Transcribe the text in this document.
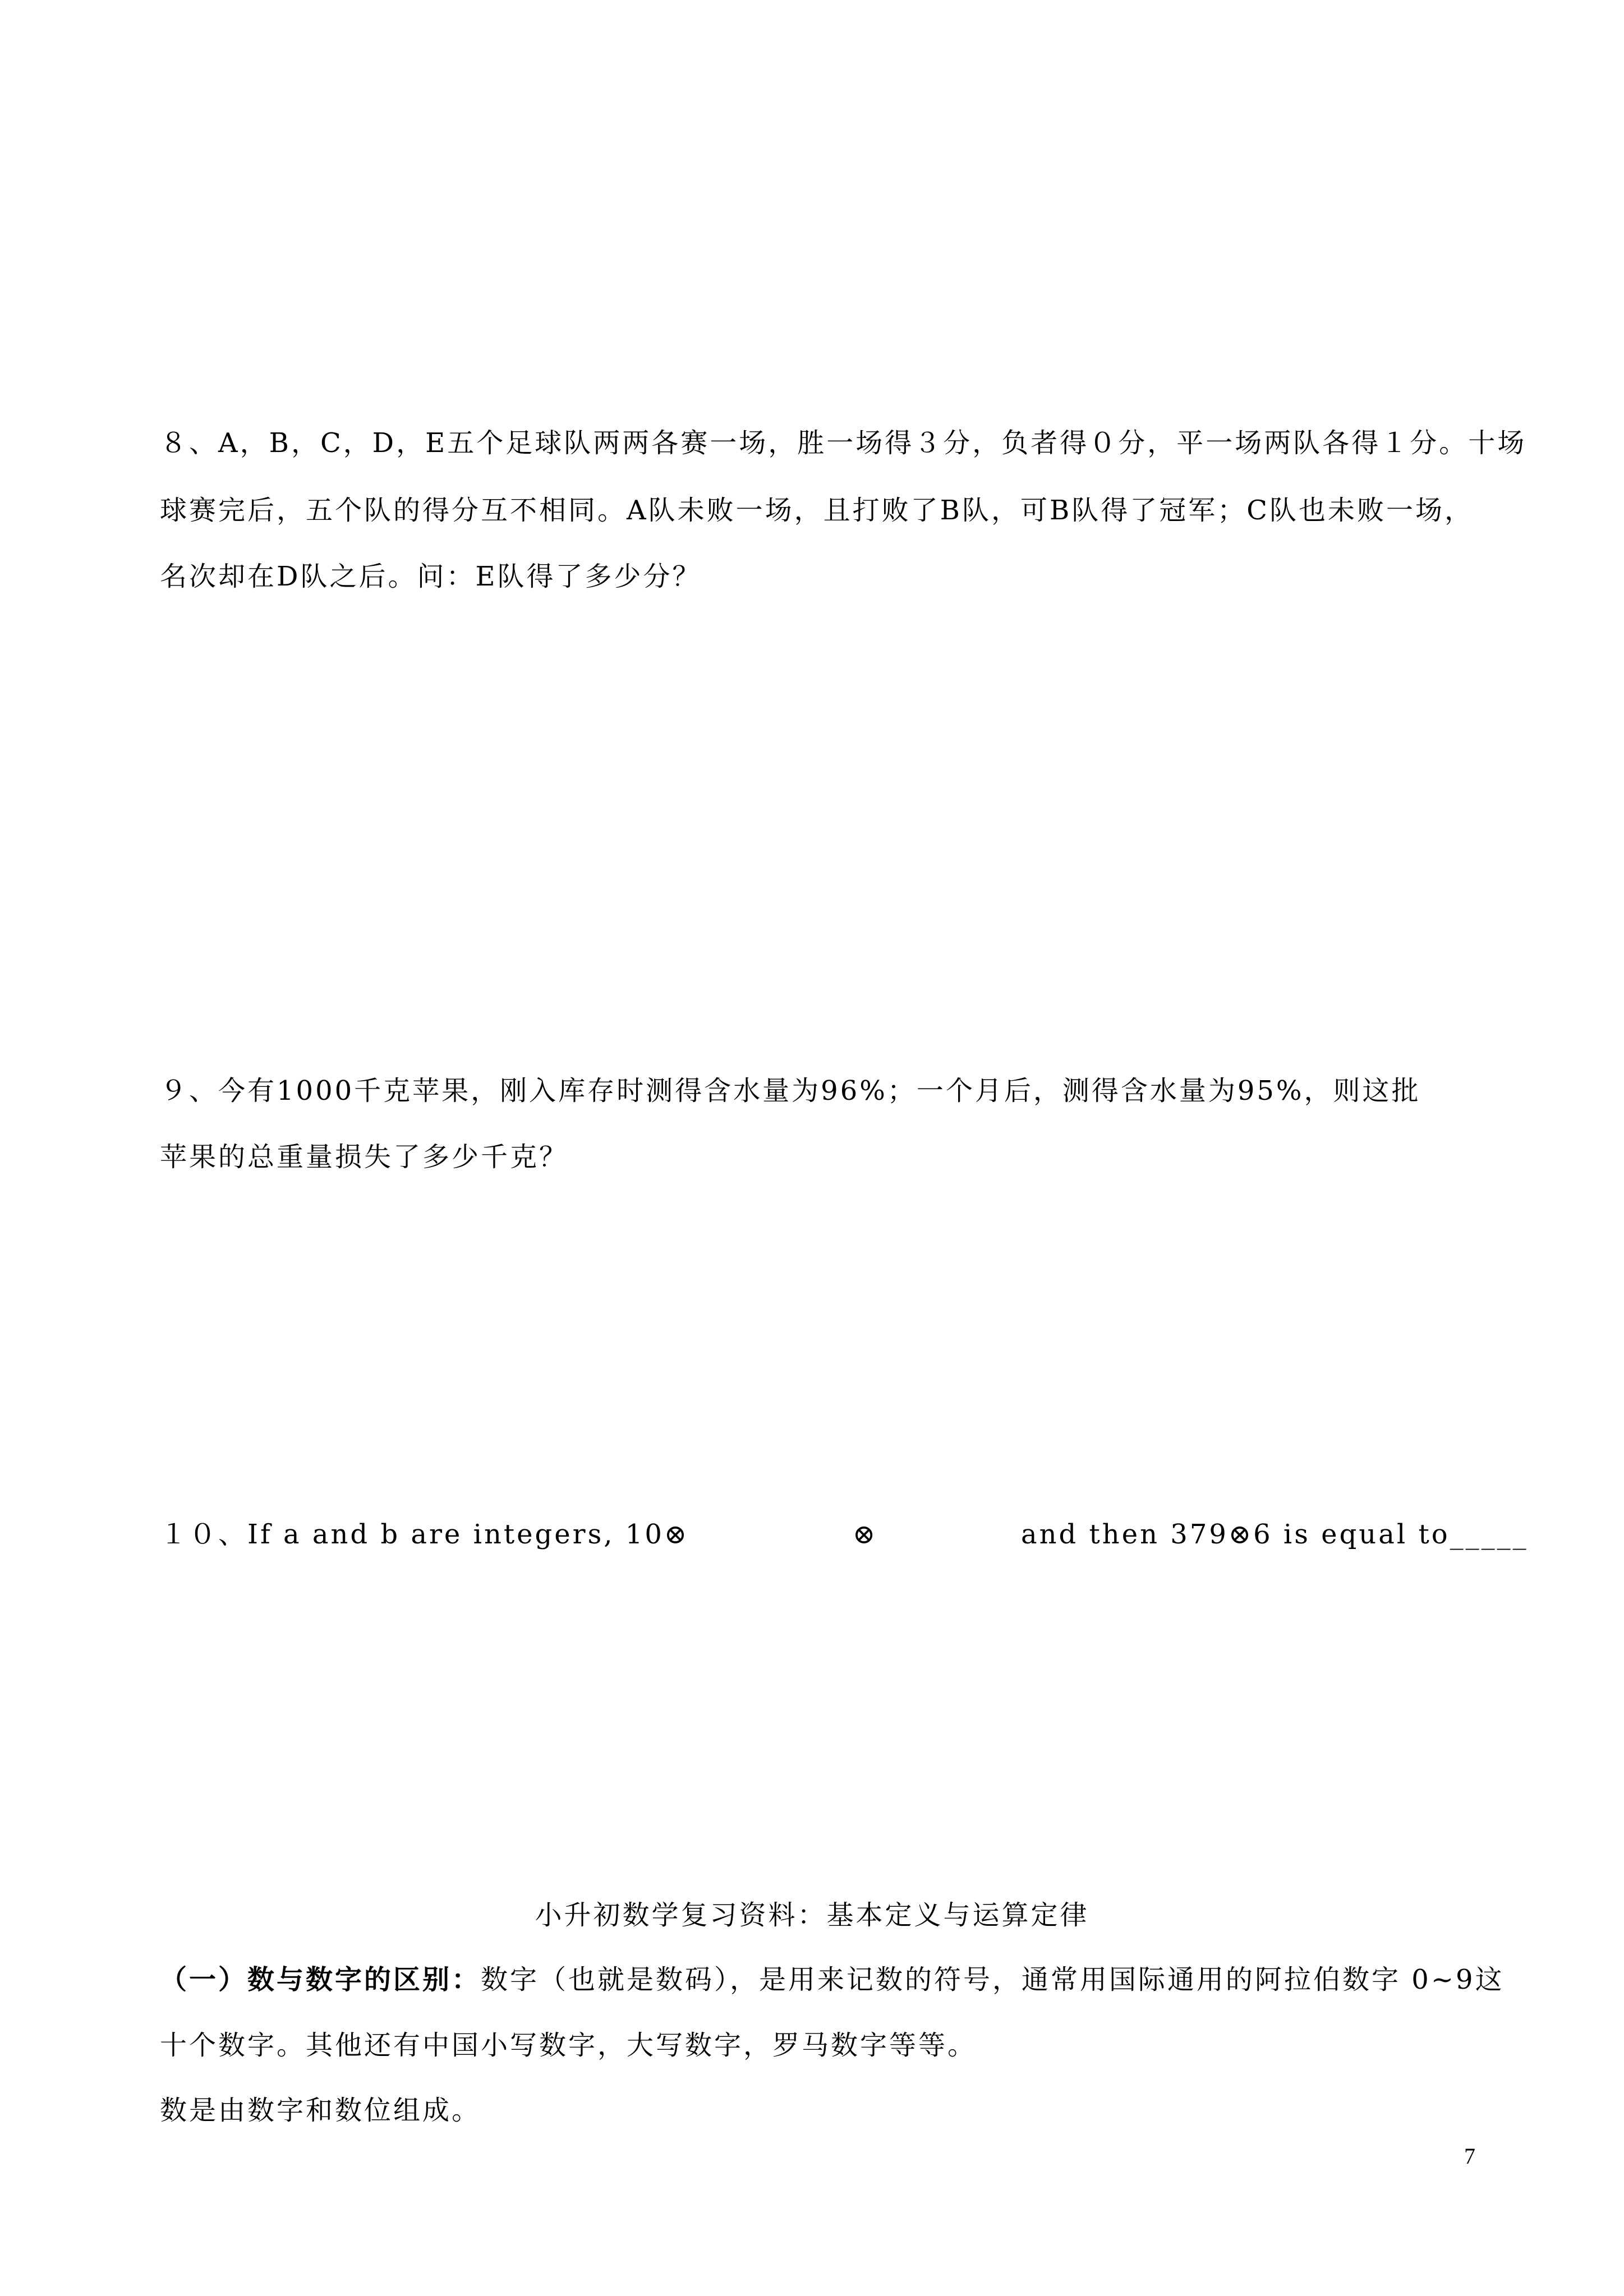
８、A，B，C，D，E五个足球队两两各赛一场，胜一场得３分，负者得０分，平一场两队各得１分。十场
球赛完后，五个队的得分互不相同。A队未败一场，且打败了B队，可B队得了冠军；C队也未败一场，
名次却在D队之后。问：E队得了多少分？
９、今有1000千克苹果，刚入库存时测得含水量为96%；一个月后，测得含水量为95%，则这批
苹果的总重量损失了多少千克？
１０、If a and b are integers, 10⊗	⊗	and then 379⊗6 is equal to_____
小升初数学复习资料：基本定义与运算定律
（一）数与数字的区别：数字（也就是数码），是用来记数的符号，通常用国际通用的阿拉伯数字 0~9这
十个数字。其他还有中国小写数字，大写数字，罗马数字等等。
数是由数字和数位组成。
7
